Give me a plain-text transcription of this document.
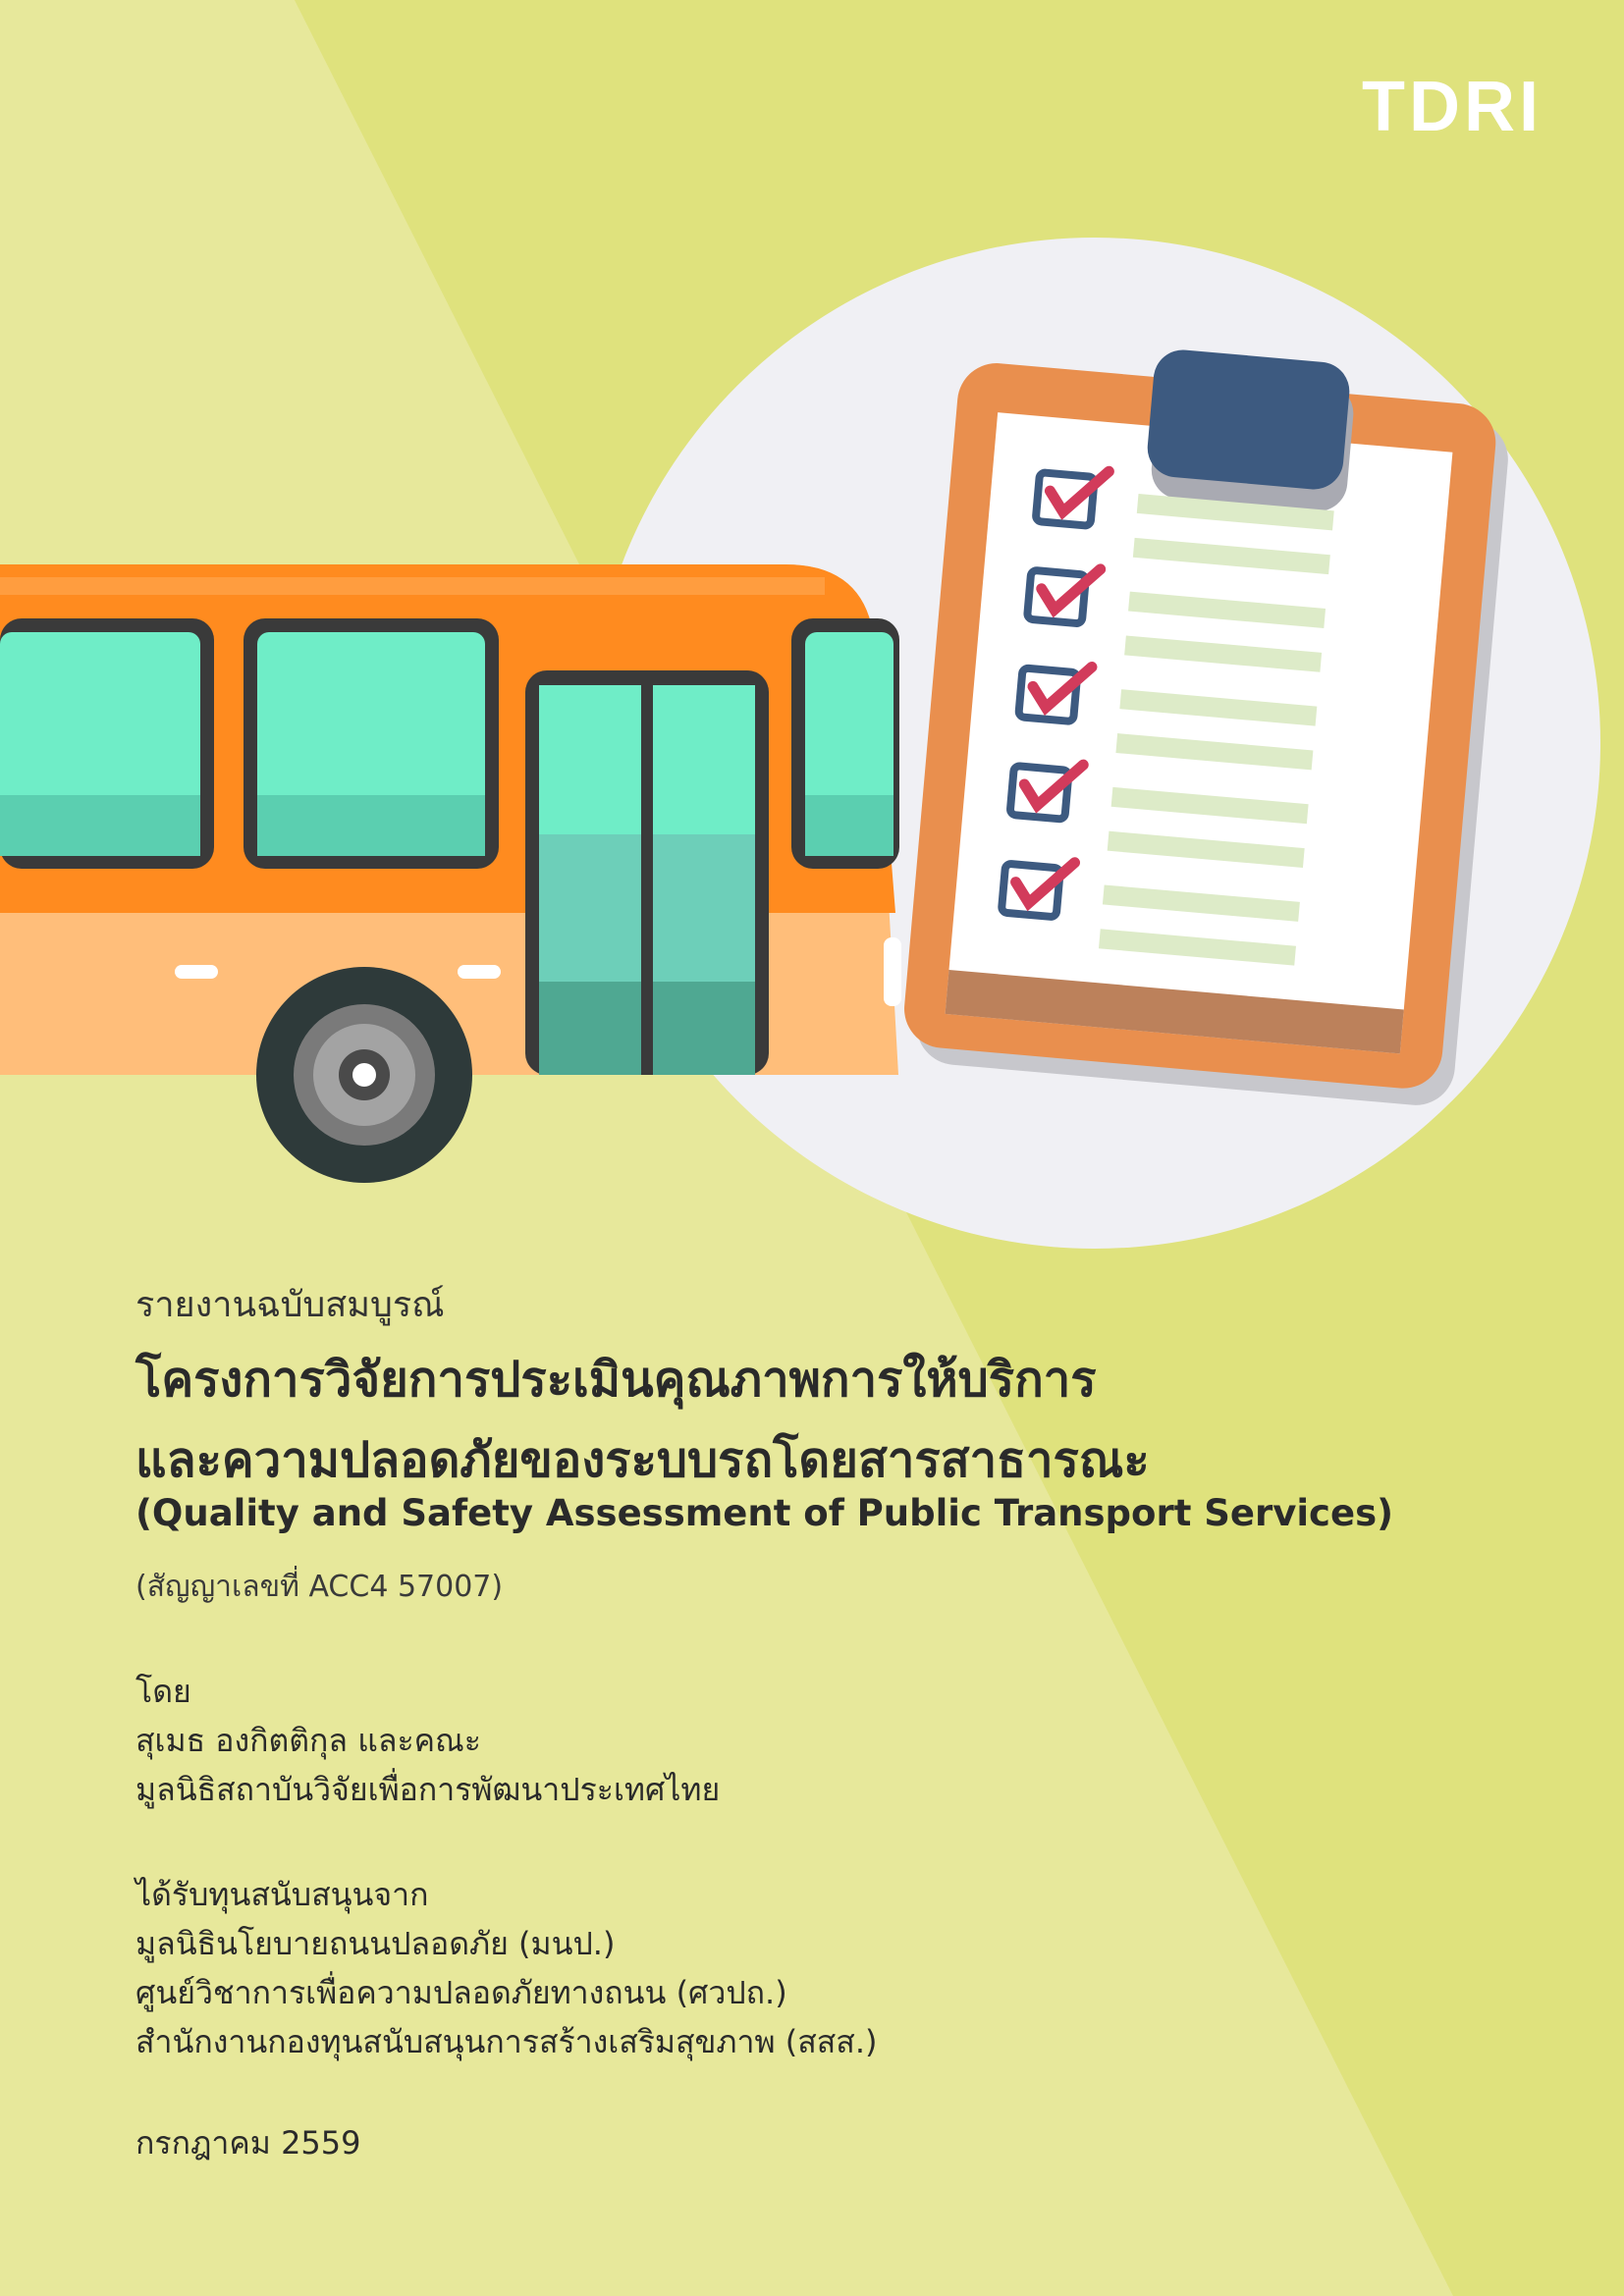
TDRI
รายงานฉบับสมบูรณ์
โครงการวิจัยการประเมินคุณภาพการให้บริการ
และความปลอดภัยของระบบรถโดยสารสาธารณะ
(Quality and Safety Assessment of Public Transport Services)
(สัญญาเลขที่ ACC4 57007)
โดย
สุเมธ องกิตติกุล และคณะ
มูลนิธิสถาบันวิจัยเพื่อการพัฒนาประเทศไทย
ได้รับทุนสนับสนุนจาก
มูลนิธินโยบายถนนปลอดภัย (มนป.)
ศูนย์วิชาการเพื่อความปลอดภัยทางถนน (ศวปถ.)
สำนักงานกองทุนสนับสนุนการสร้างเสริมสุขภาพ (สสส.)
กรกฎาคม 2559
